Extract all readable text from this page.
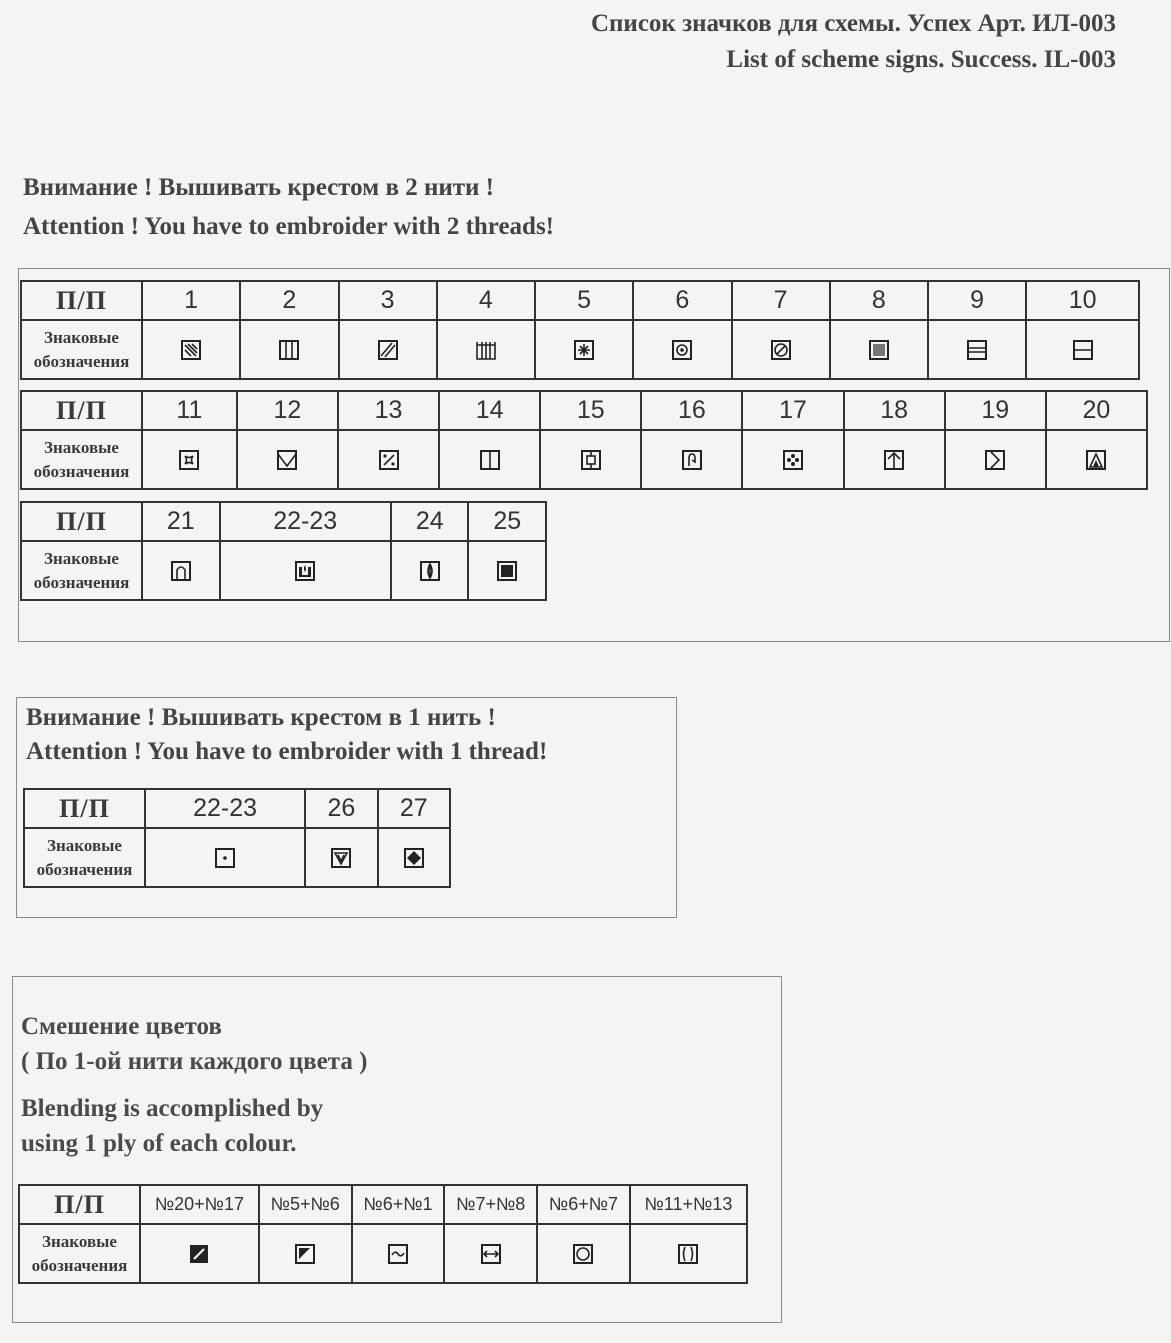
Список значков для схемы. Успех Арт. ИЛ-003
List of scheme signs. Success. IL-003
Внимание ! Вышивать крестом в 2 нити !
Attention ! You have to embroider with 2 threads!
П/П	1	2	3	4	5	6	7	8	9	10

Знаковые
обозначения

П/П	11	12	13	14	15	16	17	18	19	20

Знаковые
обозначения

П/П	21	22-23	24	25

Знаковые
обозначения

Внимание ! Вышивать крестом в 1 нить !
Attention ! You have to embroider with 1 thread!
П/П	22-23	26	27

Знаковые
обозначения

Смешение цветов
( По 1-ой нити каждого цвета )
Blending is accomplished by
using 1 ply of each colour.
П/П	№20+№17	№5+№6	№6+№1	№7+№8	№6+№7	№11+№13

Знаковые
обозначения
